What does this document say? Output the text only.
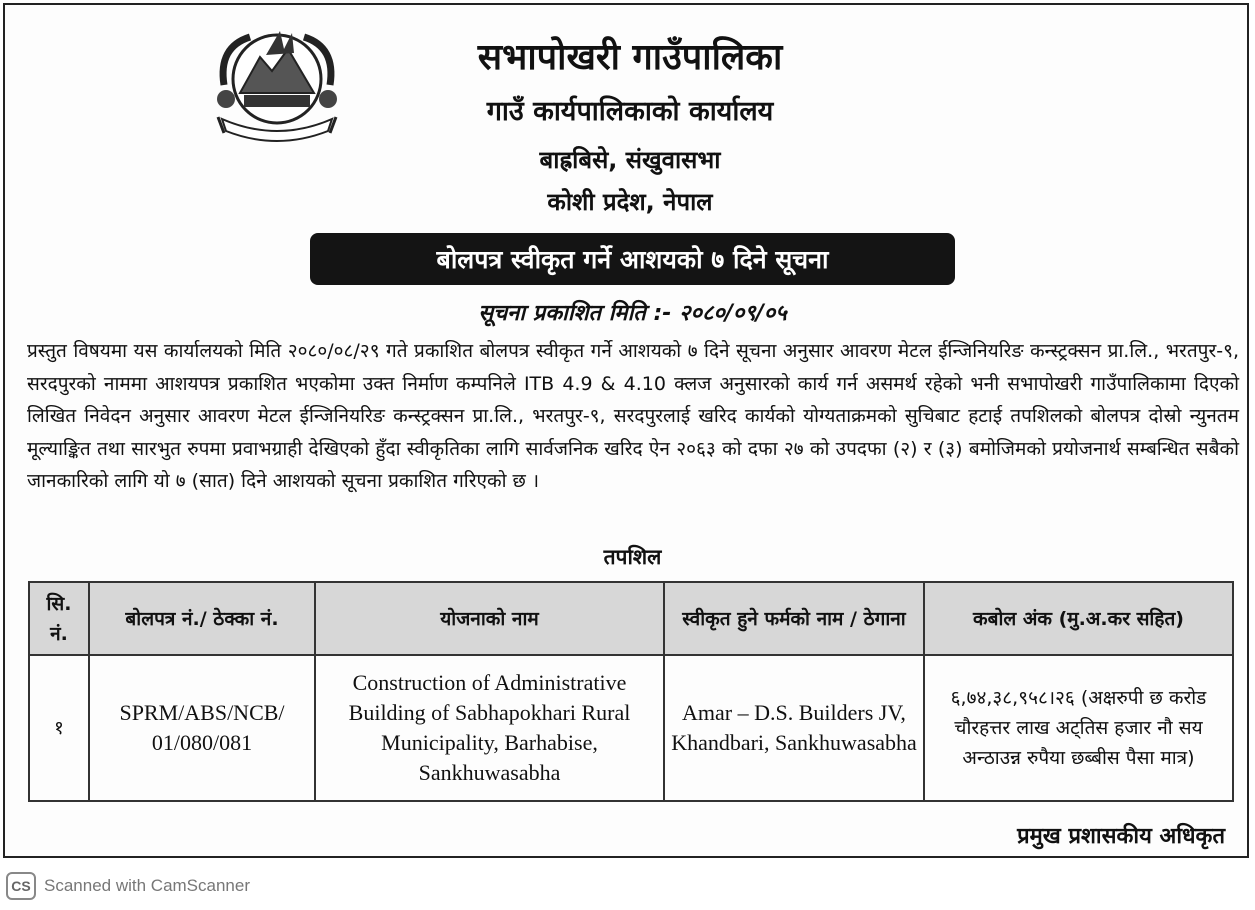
सभापोखरी गाउँपालिका
गाउँ कार्यपालिकाको कार्यालय
बाह्रबिसे, संखुवासभा
कोशी प्रदेश, नेपाल
बोलपत्र स्वीकृत गर्ने आशयको ७ दिने सूचना
सूचना प्रकाशित मिति :- २०८०/०९/०५
प्रस्तुत विषयमा यस कार्यालयको मिति २०८०/०८/२९ गते प्रकाशित बोलपत्र स्वीकृत गर्ने आशयको ७ दिने सूचना अनुसार आवरण मेटल ईन्जिनियरिङ कन्स्ट्रक्सन प्रा.लि., भरतपुर-९, सरदपुरको नाममा आशयपत्र प्रकाशित भएकोमा उक्त निर्माण कम्पनिले ITB 4.9 & 4.10 क्लज अनुसारको कार्य गर्न असमर्थ रहेको भनी सभापोखरी गाउँपालिकामा दिएको लिखित निवेदन अनुसार आवरण मेटल ईन्जिनियरिङ कन्स्ट्रक्सन प्रा.लि., भरतपुर-९, सरदपुरलाई खरिद कार्यको योग्यताक्रमको सुचिबाट हटाई तपशिलको बोलपत्र दोस्रो न्युनतम मूल्याङ्कित तथा सारभुत रुपमा प्रवाभग्राही देखिएको हुँदा स्वीकृतिका लागि सार्वजनिक खरिद ऐन २०६३ को दफा २७ को उपदफा (२) र (३) बमोजिमको प्रयोजनार्थ सम्बन्धित सबैको जानकारिको लागि यो ७ (सात) दिने आशयको सूचना प्रकाशित गरिएको छ ।
तपशिल
सि. नं.	बोलपत्र नं./ ठेक्का नं.	योजनाको नाम	स्वीकृत हुने फर्मको नाम / ठेगाना	कबोल अंक (मु.अ.कर सहित)
१	SPRM/ABS/NCB/ 01/080/081	Construction of Administrative Building of Sabhapokhari Rural Municipality, Barhabise, Sankhuwasabha	Amar – D.S. Builders JV, Khandbari, Sankhuwasabha	६,७४,३८,९५८।२६ (अक्षरुपी छ करोड चौरहत्तर लाख अट्तिस हजार नौ सय अन्ठाउन्न रुपैया छब्बीस पैसा मात्र)
प्रमुख प्रशासकीय अधिकृत
CS Scanned with CamScanner
